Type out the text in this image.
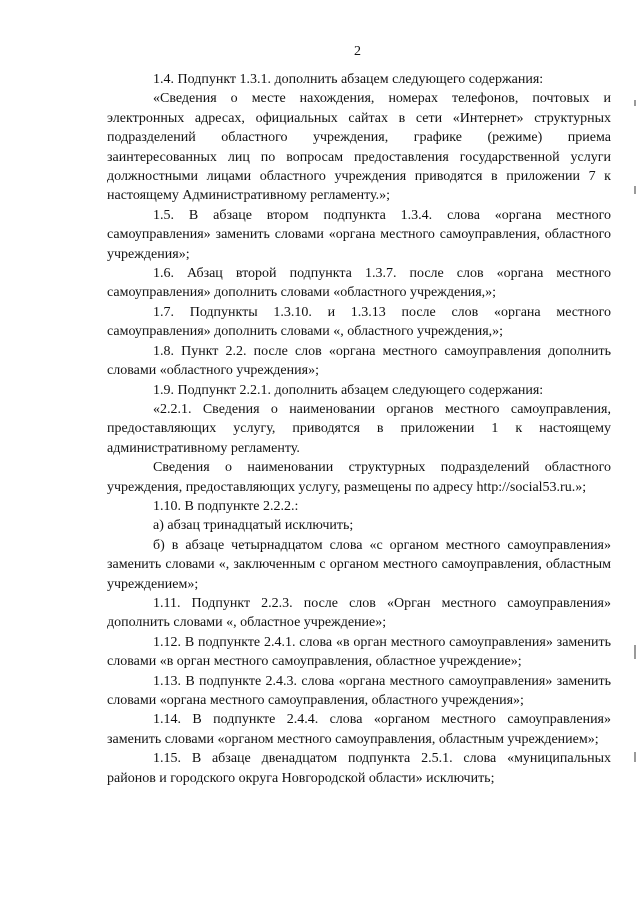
2

1.4. Подпункт 1.3.1. дополнить абзацем следующего содержания:

«Сведения о месте нахождения, номерах телефонов, почтовых и электронных адресах, официальных сайтах в сети «Интернет» структурных подразделений областного учреждения, графике (режиме) приема заинтересованных лиц по вопросам предоставления государственной услуги должностными лицами областного учреждения приводятся в приложении 7 к настоящему Административному регламенту.»;

1.5. В абзаце втором подпункта 1.3.4. слова «органа местного самоуправления» заменить словами «органа местного самоуправления, областного учреждения»;

1.6. Абзац второй подпункта 1.3.7. после слов «органа местного самоуправления» дополнить словами «областного учреждения,»;

1.7. Подпункты 1.3.10. и 1.3.13 после слов «органа местного самоуправления» дополнить словами «, областного учреждения,»;

1.8. Пункт 2.2. после слов «органа местного самоуправления дополнить словами «областного учреждения»;

1.9. Подпункт 2.2.1. дополнить абзацем следующего содержания:

«2.2.1. Сведения о наименовании органов местного самоуправления, предоставляющих услугу, приводятся в приложении 1 к настоящему административному регламенту.

Сведения о наименовании структурных подразделений областного учреждения, предоставляющих услугу, размещены по адресу http://social53.ru.»;

1.10. В подпункте 2.2.2.:

а) абзац тринадцатый исключить;

б) в абзаце четырнадцатом слова «с органом местного самоуправления» заменить словами «, заключенным с органом местного самоуправления, областным учреждением»;

1.11. Подпункт 2.2.3. после слов «Орган местного самоуправления» дополнить словами «, областное учреждение»;

1.12. В подпункте 2.4.1. слова «в орган местного самоуправления» заменить словами «в орган местного самоуправления, областное учреждение»;

1.13. В подпункте 2.4.3. слова «органа местного самоуправления» заменить словами «органа местного самоуправления, областного учреждения»;

1.14. В подпункте 2.4.4. слова «органом местного самоуправления» заменить словами «органом местного самоуправления, областным учреждением»;

1.15. В абзаце двенадцатом подпункта 2.5.1. слова «муниципальных районов и городского округа Новгородской области» исключить;
